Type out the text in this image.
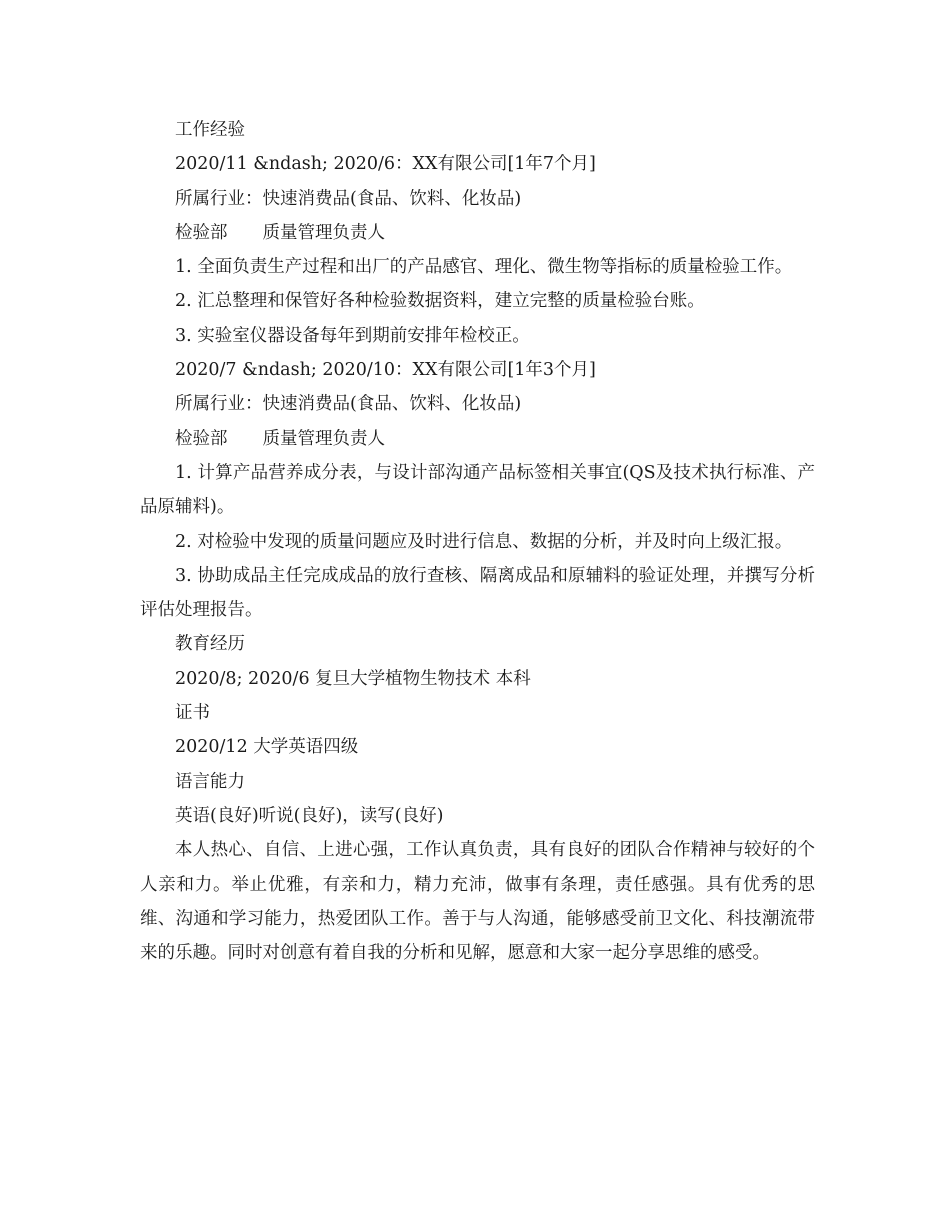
工作经验

2020/11 &ndash; 2020/6：XX有限公司[1年7个月]

所属行业：快速消费品(食品、饮料、化妆品)

检验部　　质量管理负责人

1. 全面负责生产过程和出厂的产品感官、理化、微生物等指标的质量检验工作。

2. 汇总整理和保管好各种检验数据资料，建立完整的质量检验台账。

3. 实验室仪器设备每年到期前安排年检校正。

2020/7 &ndash; 2020/10：XX有限公司[1年3个月]

所属行业：快速消费品(食品、饮料、化妆品)

检验部　　质量管理负责人

1. 计算产品营养成分表，与设计部沟通产品标签相关事宜(QS及技术执行标准、产品原辅料)。

2. 对检验中发现的质量问题应及时进行信息、数据的分析，并及时向上级汇报。

3. 协助成品主任完成成品的放行查核、隔离成品和原辅料的验证处理，并撰写分析评估处理报告。

教育经历

2020/8; 2020/6 复旦大学植物生物技术 本科

证书

2020/12 大学英语四级

语言能力

英语(良好)听说(良好)，读写(良好)

本人热心、自信、上进心强，工作认真负责，具有良好的团队合作精神与较好的个人亲和力。举止优雅，有亲和力，精力充沛，做事有条理，责任感强。具有优秀的思维、沟通和学习能力，热爱团队工作。善于与人沟通，能够感受前卫文化、科技潮流带来的乐趣。同时对创意有着自我的分析和见解，愿意和大家一起分享思维的感受。
